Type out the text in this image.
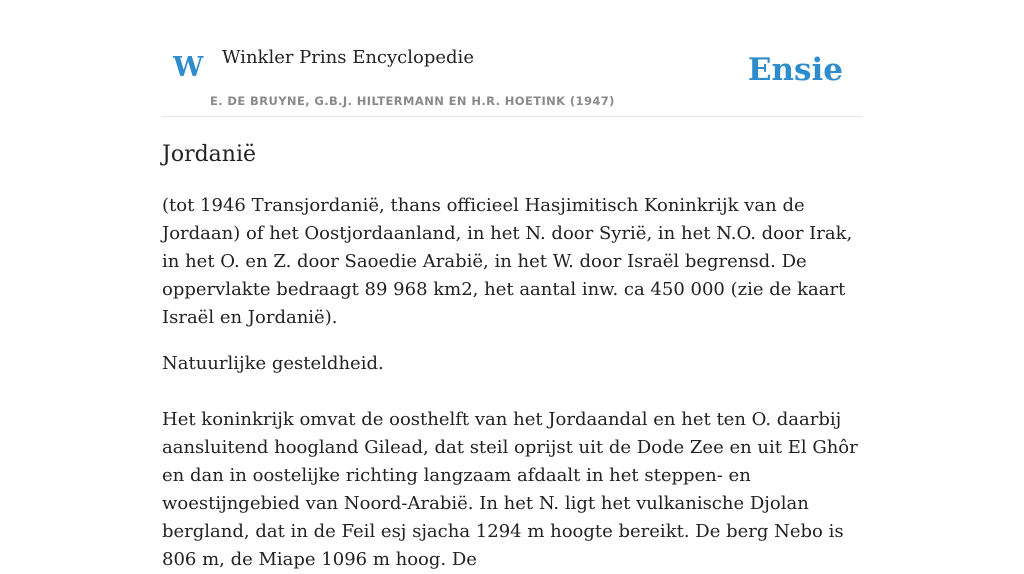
W Winkler Prins Encyclopedie
E. DE BRUYNE, G.B.J. HILTERMANN EN H.R. HOETINK (1947)
Ensie
Jordanië

(tot 1946 Transjordanië, thans officieel Hasjimitisch Koninkrijk van de Jordaan) of het Oostjordaanland, in het N. door Syrië, in het N.O. door Irak, in het O. en Z. door Saoedie Arabië, in het W. door Israël begrensd. De oppervlakte bedraagt 89 968 km2, het aantal inw. ca 450 000 (zie de kaart Israël en Jordanië).

Natuurlijke gesteldheid.

Het koninkrijk omvat de oosthelft van het Jordaandal en het ten O. daarbij aansluitend hoogland Gilead, dat steil oprijst uit de Dode Zee en uit El Ghôr en dan in oostelijke richting langzaam afdaalt in het steppen- en woestijngebied van Noord-Arabië. In het N. ligt het vulkanische Djolan bergland, dat in de Feil esj sjacha 1294 m hoogte bereikt. De berg Nebo is 806 m, de Miape 1096 m hoog. De
